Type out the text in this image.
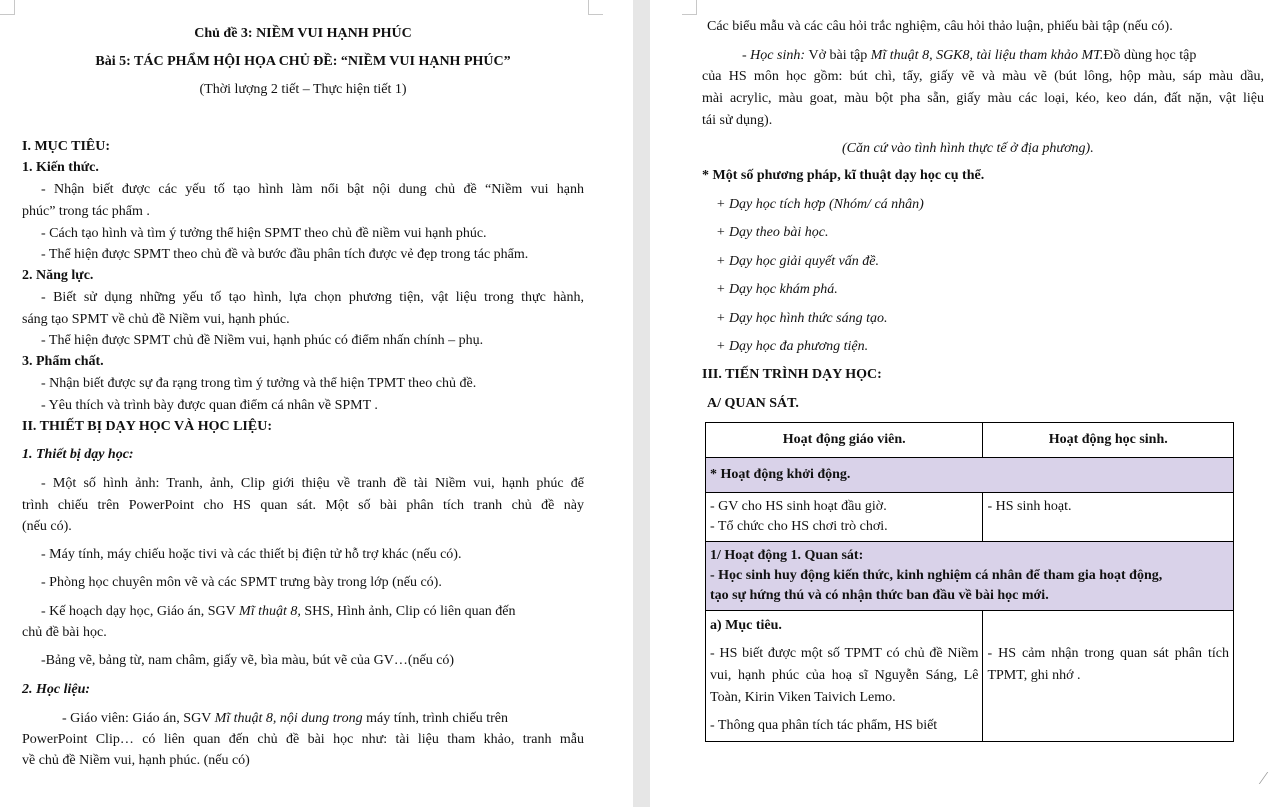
Chủ đề 3: NIỀM VUI HẠNH PHÚC
Bài 5: TÁC PHẨM HỘI HỌA CHỦ ĐỀ: “NIỀM VUI HẠNH PHÚC”
(Thời lượng 2 tiết – Thực hiện tiết 1)
I. MỤC TIÊU:
1. Kiến thức.
- Nhận biết được các yếu tố tạo hình làm nổi bật nội dung chủ đề “Niềm vui hạnh
phúc” trong tác phẩm .
- Cách tạo hình và tìm ý tưởng thể hiện SPMT theo chủ đề niềm vui hạnh phúc.
- Thể hiện được SPMT theo chủ đề và bước đầu phân tích được vẻ đẹp trong tác phẩm.
2. Năng lực.
- Biết sử dụng những yếu tố tạo hình, lựa chọn phương tiện, vật liệu trong thực hành,
sáng tạo SPMT về chủ đề Niềm vui, hạnh phúc.
- Thể hiện được SPMT chủ đề Niềm vui, hạnh phúc có điểm nhấn chính – phụ.
3. Phẩm chất.
- Nhận biết được sự đa rạng trong tìm ý tưởng và thể hiện TPMT theo chủ đề.
- Yêu thích và trình bày được quan điểm cá nhân về SPMT .
II. THIẾT BỊ DẠY HỌC VÀ HỌC LIỆU:
1. Thiết bị dạy học:
- Một số hình ảnh: Tranh, ảnh, Clip giới thiệu về tranh đề tài Niềm vui, hạnh phúc để
trình chiếu trên PowerPoint cho HS quan sát. Một số bài phân tích tranh chủ đề này
(nếu có).
- Máy tính, máy chiếu hoặc tivi và các thiết bị điện tử hỗ trợ khác (nếu có).
- Phòng học chuyên môn vẽ và các SPMT trưng bày trong lớp (nếu có).
- Kế hoạch dạy học, Giáo án, SGV Mĩ thuật 8, SHS, Hình ảnh, Clip có liên quan đến
chủ đề bài học.
-Bảng vẽ, bảng từ, nam châm, giấy vẽ, bìa màu, bút vẽ của GV…(nếu có)
2. Học liệu:
- Giáo viên: Giáo án, SGV Mĩ thuật 8, nội dung trong máy tính, trình chiếu trên
PowerPoint Clip… có liên quan đến chủ đề bài học như: tài liệu tham khảo, tranh mẫu
về chủ đề Niềm vui, hạnh phúc. (nếu có)
Các biểu mẫu và các câu hỏi trắc nghiệm, câu hỏi thảo luận, phiếu bài tập (nếu có).
- Học sinh: Vở bài tập Mĩ thuật 8, SGK8, tài liệu tham khảo MT.Đồ dùng học tập
của HS môn học gồm: bút chì, tẩy, giấy vẽ và màu vẽ (bút lông, hộp màu, sáp màu dầu,
mài acrylic, màu goat, màu bột pha sẵn, giấy màu các loại, kéo, keo dán, đất nặn, vật liệu
tái sử dụng).
(Căn cứ vào tình hình thực tế ở địa phương).
* Một số phương pháp, kĩ thuật dạy học cụ thể.
+ Dạy học tích hợp (Nhóm/ cá nhân)
+ Dạy theo bài học.
+ Dạy học giải quyết vấn đề.
+ Dạy học khám phá.
+ Dạy học hình thức sáng tạo.
+ Dạy học đa phương tiện.
III. TIẾN TRÌNH DẠY HỌC:
A/ QUAN SÁT.
Hoạt động giáo viên.	Hoạt động học sinh.
* Hoạt động khởi động.	

- GV cho HS sinh hoạt đầu giờ.
- Tổ chức cho HS chơi trò chơi.	- HS sinh hoạt.

1/ Hoạt động 1. Quan sát:
- Học sinh huy động kiến thức, kinh nghiệm cá nhân để tham gia hoạt động,
tạo sự hứng thú và có nhận thức ban đầu về bài học mới.	

a) Mục tiêu.
- HS biết được một số TPMT có chủ đề Niềm vui, hạnh phúc của hoạ sĩ Nguyễn Sáng, Lê Toàn, Kirin Viken Taivich Lemo.
- Thông qua phân tích tác phẩm, HS biết	- HS cảm nhận trong quan sát phân tích TPMT, ghi nhớ .
⁄
